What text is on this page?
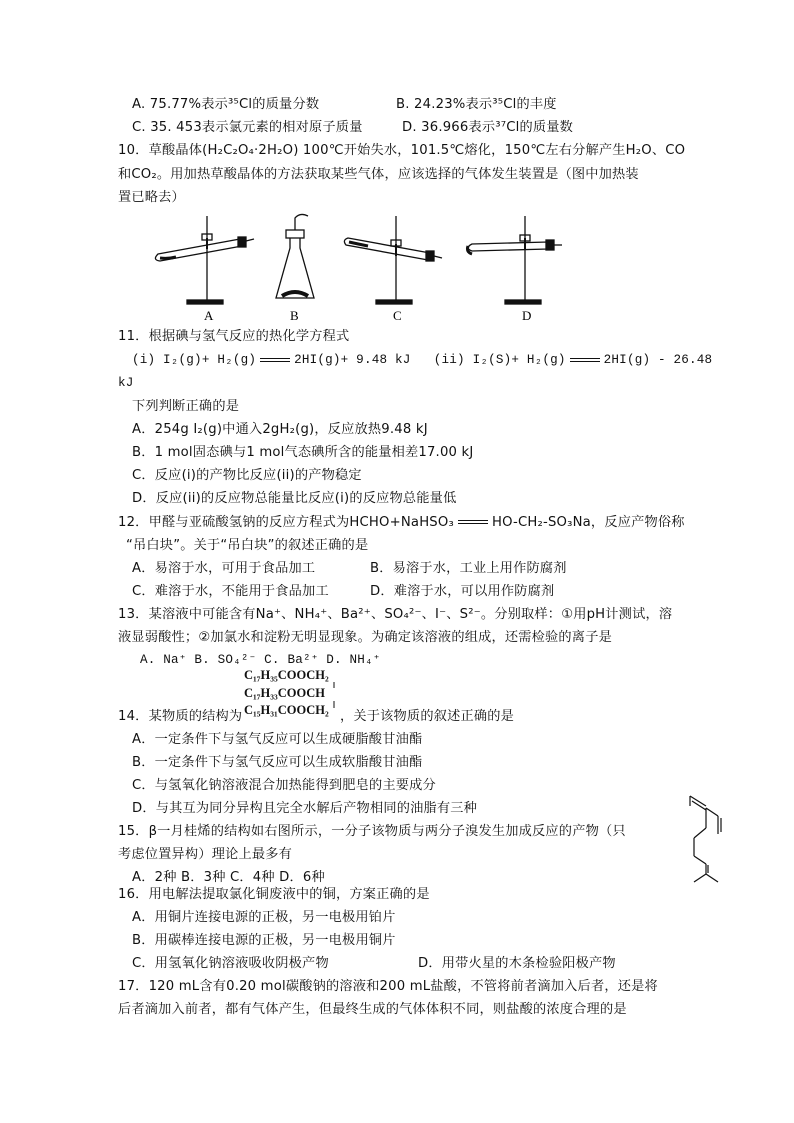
A. 75.77%表示³⁵Cl的质量分数	B. 24.23%表示³⁵Cl的丰度
C. 35. 453表示氯元素的相对原子质量	D. 36.966表示³⁷Cl的质量数
10．草酸晶体(H₂C₂O₄·2H₂O) 100℃开始失水，101.5℃熔化，150℃左右分解产生H₂O、CO
和CO₂。用加热草酸晶体的方法获取某些气体，应该选择的气体发生装置是（图中加热装
置已略去）
A	B	C	D
11．根据碘与氢气反应的热化学方程式
(i) I₂(g)+ H₂(g)	2HI(g)+ 9.48 kJ (ii) I₂(S)+ H₂(g)	2HI(g) - 26.48
kJ
下列判断正确的是
A．254g I₂(g)中通入2gH₂(g)，反应放热9.48 kJ
B．1 mol固态碘与1 mol气态碘所含的能量相差17.00 kJ
C．反应(i)的产物比反应(ii)的产物稳定
D．反应(ii)的反应物总能量比反应(i)的反应物总能量低
12．甲醛与亚硫酸氢钠的反应方程式为HCHO+NaHSO₃	HO-CH₂-SO₃Na，反应产物俗称
“吊白块”。关于“吊白块”的叙述正确的是
A．易溶于水，可用于食品加工	B．易溶于水，工业上用作防腐剂
C．难溶于水，不能用于食品加工	D．难溶于水，可以用作防腐剂
13．某溶液中可能含有Na⁺、NH₄⁺、Ba²⁺、SO₄²⁻、I⁻、S²⁻。分别取样：①用pH计测试，溶
液显弱酸性；②加氯水和淀粉无明显现象。为确定该溶液的组成，还需检验的离子是
A. Na⁺ B. SO₄²⁻ C. Ba²⁺ D. NH₄⁺
C₁₇H₃₅COOCH₂
C₁₇H₃₃COOCH
C₁₅H₃₁COOCH₂
14．某物质的结构为	，关于该物质的叙述正确的是
A．一定条件下与氢气反应可以生成硬脂酸甘油酯
B．一定条件下与氢气反应可以生成软脂酸甘油酯
C．与氢氧化钠溶液混合加热能得到肥皂的主要成分
D．与其互为同分异构且完全水解后产物相同的油脂有三种
15．β一月桂烯的结构如右图所示，一分子该物质与两分子溴发生加成反应的产物（只
考虑位置异构）理论上最多有
A．2种 B．3种 C．4种 D．6种
16．用电解法提取氯化铜废液中的铜，方案正确的是
A．用铜片连接电源的正极，另一电极用铂片
B．用碳棒连接电源的正极，另一电极用铜片
C．用氢氧化钠溶液吸收阴极产物	D．用带火星的木条检验阳极产物
17．120 mL含有0.20 mol碳酸钠的溶液和200 mL盐酸，不管将前者滴加入后者，还是将
后者滴加入前者，都有气体产生，但最终生成的气体体积不同，则盐酸的浓度合理的是
